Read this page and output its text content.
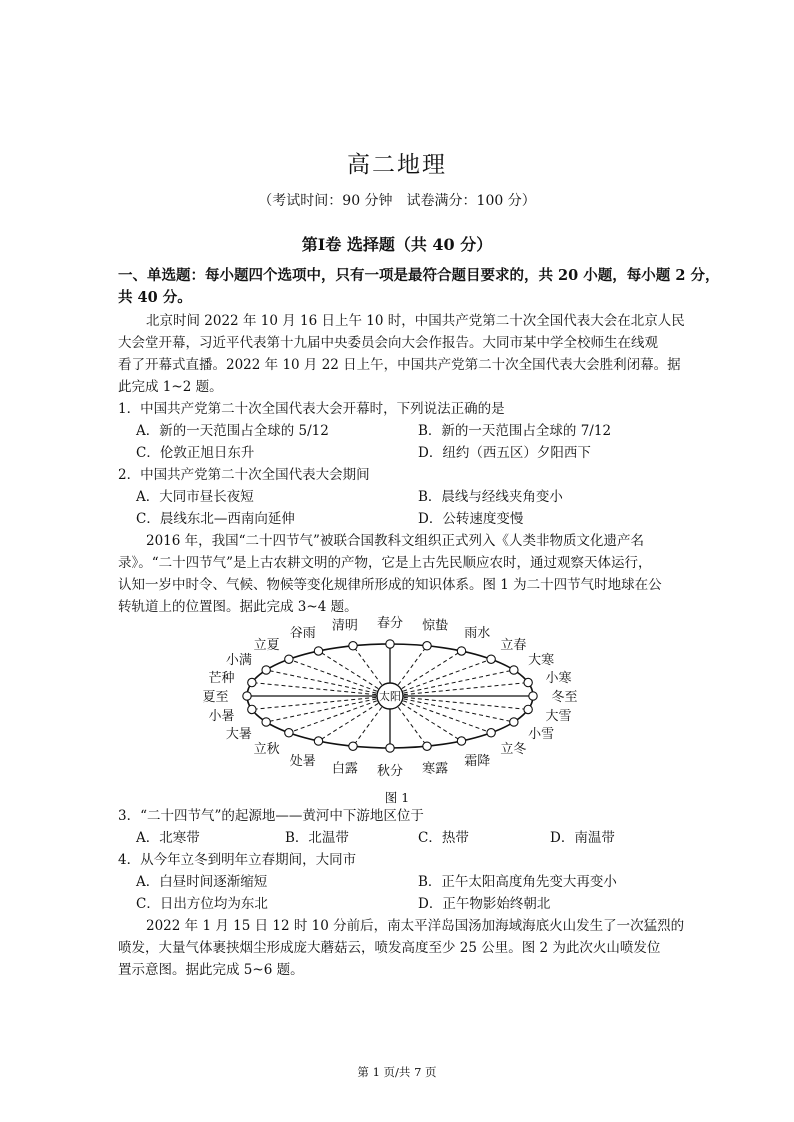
高二地理
（考试时间：90 分钟　试卷满分：100 分）
第Ⅰ卷 选择题（共 40 分）
一、单选题：每小题四个选项中，只有一项是最符合题目要求的，共 20 小题，每小题 2 分，
共 40 分。
北京时间 2022 年 10 月 16 日上午 10 时，中国共产党第二十次全国代表大会在北京人民
大会堂开幕，习近平代表第十九届中央委员会向大会作报告。大同市某中学全校师生在线观
看了开幕式直播。2022 年 10 月 22 日上午，中国共产党第二十次全国代表大会胜利闭幕。据
此完成 1~2 题。
1．中国共产党第二十次全国代表大会开幕时，下列说法正确的是
A．新的一天范围占全球的 5/12	B．新的一天范围占全球的 7/12
C．伦敦正旭日东升	D．纽约（西五区）夕阳西下
2．中国共产党第二十次全国代表大会期间
A．大同市昼长夜短	B．晨线与经线夹角变小
C．晨线东北—西南向延伸	D．公转速度变慢
2016 年，我国“二十四节气”被联合国教科文组织正式列入《人类非物质文化遗产名
录》。“二十四节气”是上古农耕文明的产物，它是上古先民顺应农时，通过观察天体运行，
认知一岁中时令、气候、物候等变化规律所形成的知识体系。图 1 为二十四节气时地球在公
转轨道上的位置图。据此完成 3~4 题。
冬至
小寒
大寒
立春
雨水
惊蛰
春分
清明
谷雨
立夏
小满
芒种
夏至
小暑
大暑
立秋
处暑 白露 秋分 寒露 霜降
立冬
小雪
大雪
太阳
图 1
3．“二十四节气”的起源地——黄河中下游地区位于
A．北寒带	B．北温带	C．热带	D．南温带
4．从今年立冬到明年立春期间，大同市
A．白昼时间逐渐缩短	B．正午太阳高度角先变大再变小
C．日出方位均为东北	D．正午物影始终朝北
2022 年 1 月 15 日 12 时 10 分前后，南太平洋岛国汤加海域海底火山发生了一次猛烈的
喷发，大量气体裹挟烟尘形成庞大蘑菇云，喷发高度至少 25 公里。图 2 为此次火山喷发位
置示意图。据此完成 5~6 题。
第 1 页/共 7 页
